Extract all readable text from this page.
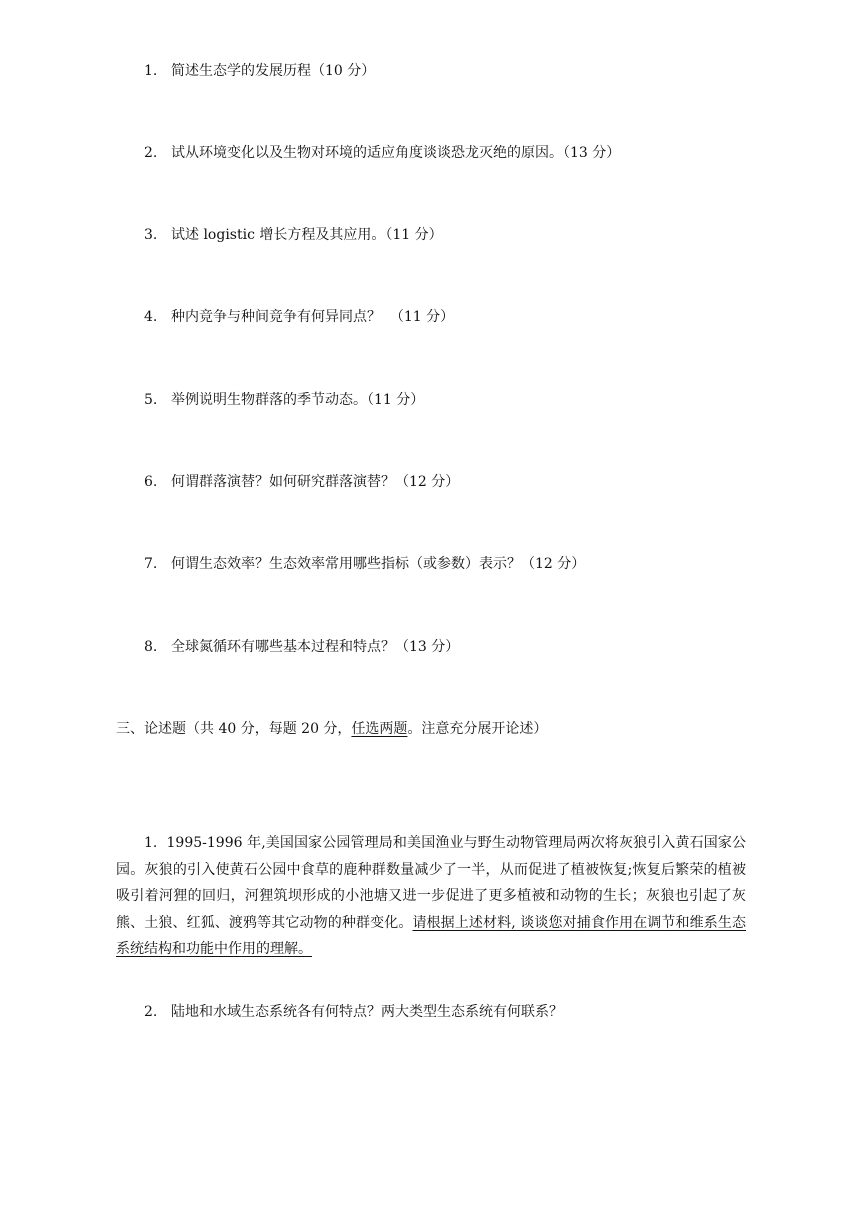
1. 简述生态学的发展历程（10 分）
2. 试从环境变化以及生物对环境的适应角度谈谈恐龙灭绝的原因。（13 分）
3. 试述 logistic 增长方程及其应用。（11 分）
4. 种内竞争与种间竞争有何异同点？  （11 分）
5. 举例说明生物群落的季节动态。（11 分）
6. 何谓群落演替？如何研究群落演替？（12 分）
7. 何谓生态效率？生态效率常用哪些指标（或参数）表示？（12 分）
8. 全球氮循环有哪些基本过程和特点？（13 分）
三、论述题（共 40 分，每题 20 分，任选两题。注意充分展开论述）
1. 1995-1996 年,美国国家公园管理局和美国渔业与野生动物管理局两次将灰狼引入黄石国家公园。灰狼的引入使黄石公园中食草的鹿种群数量减少了一半，从而促进了植被恢复;恢复后繁荣的植被吸引着河狸的回归，河狸筑坝形成的小池塘又进一步促进了更多植被和动物的生长；灰狼也引起了灰熊、土狼、红狐、渡鸦等其它动物的种群变化。请根据上述材料, 谈谈您对捕食作用在调节和维系生态系统结构和功能中作用的理解。
2. 陆地和水域生态系统各有何特点？两大类型生态系统有何联系？
